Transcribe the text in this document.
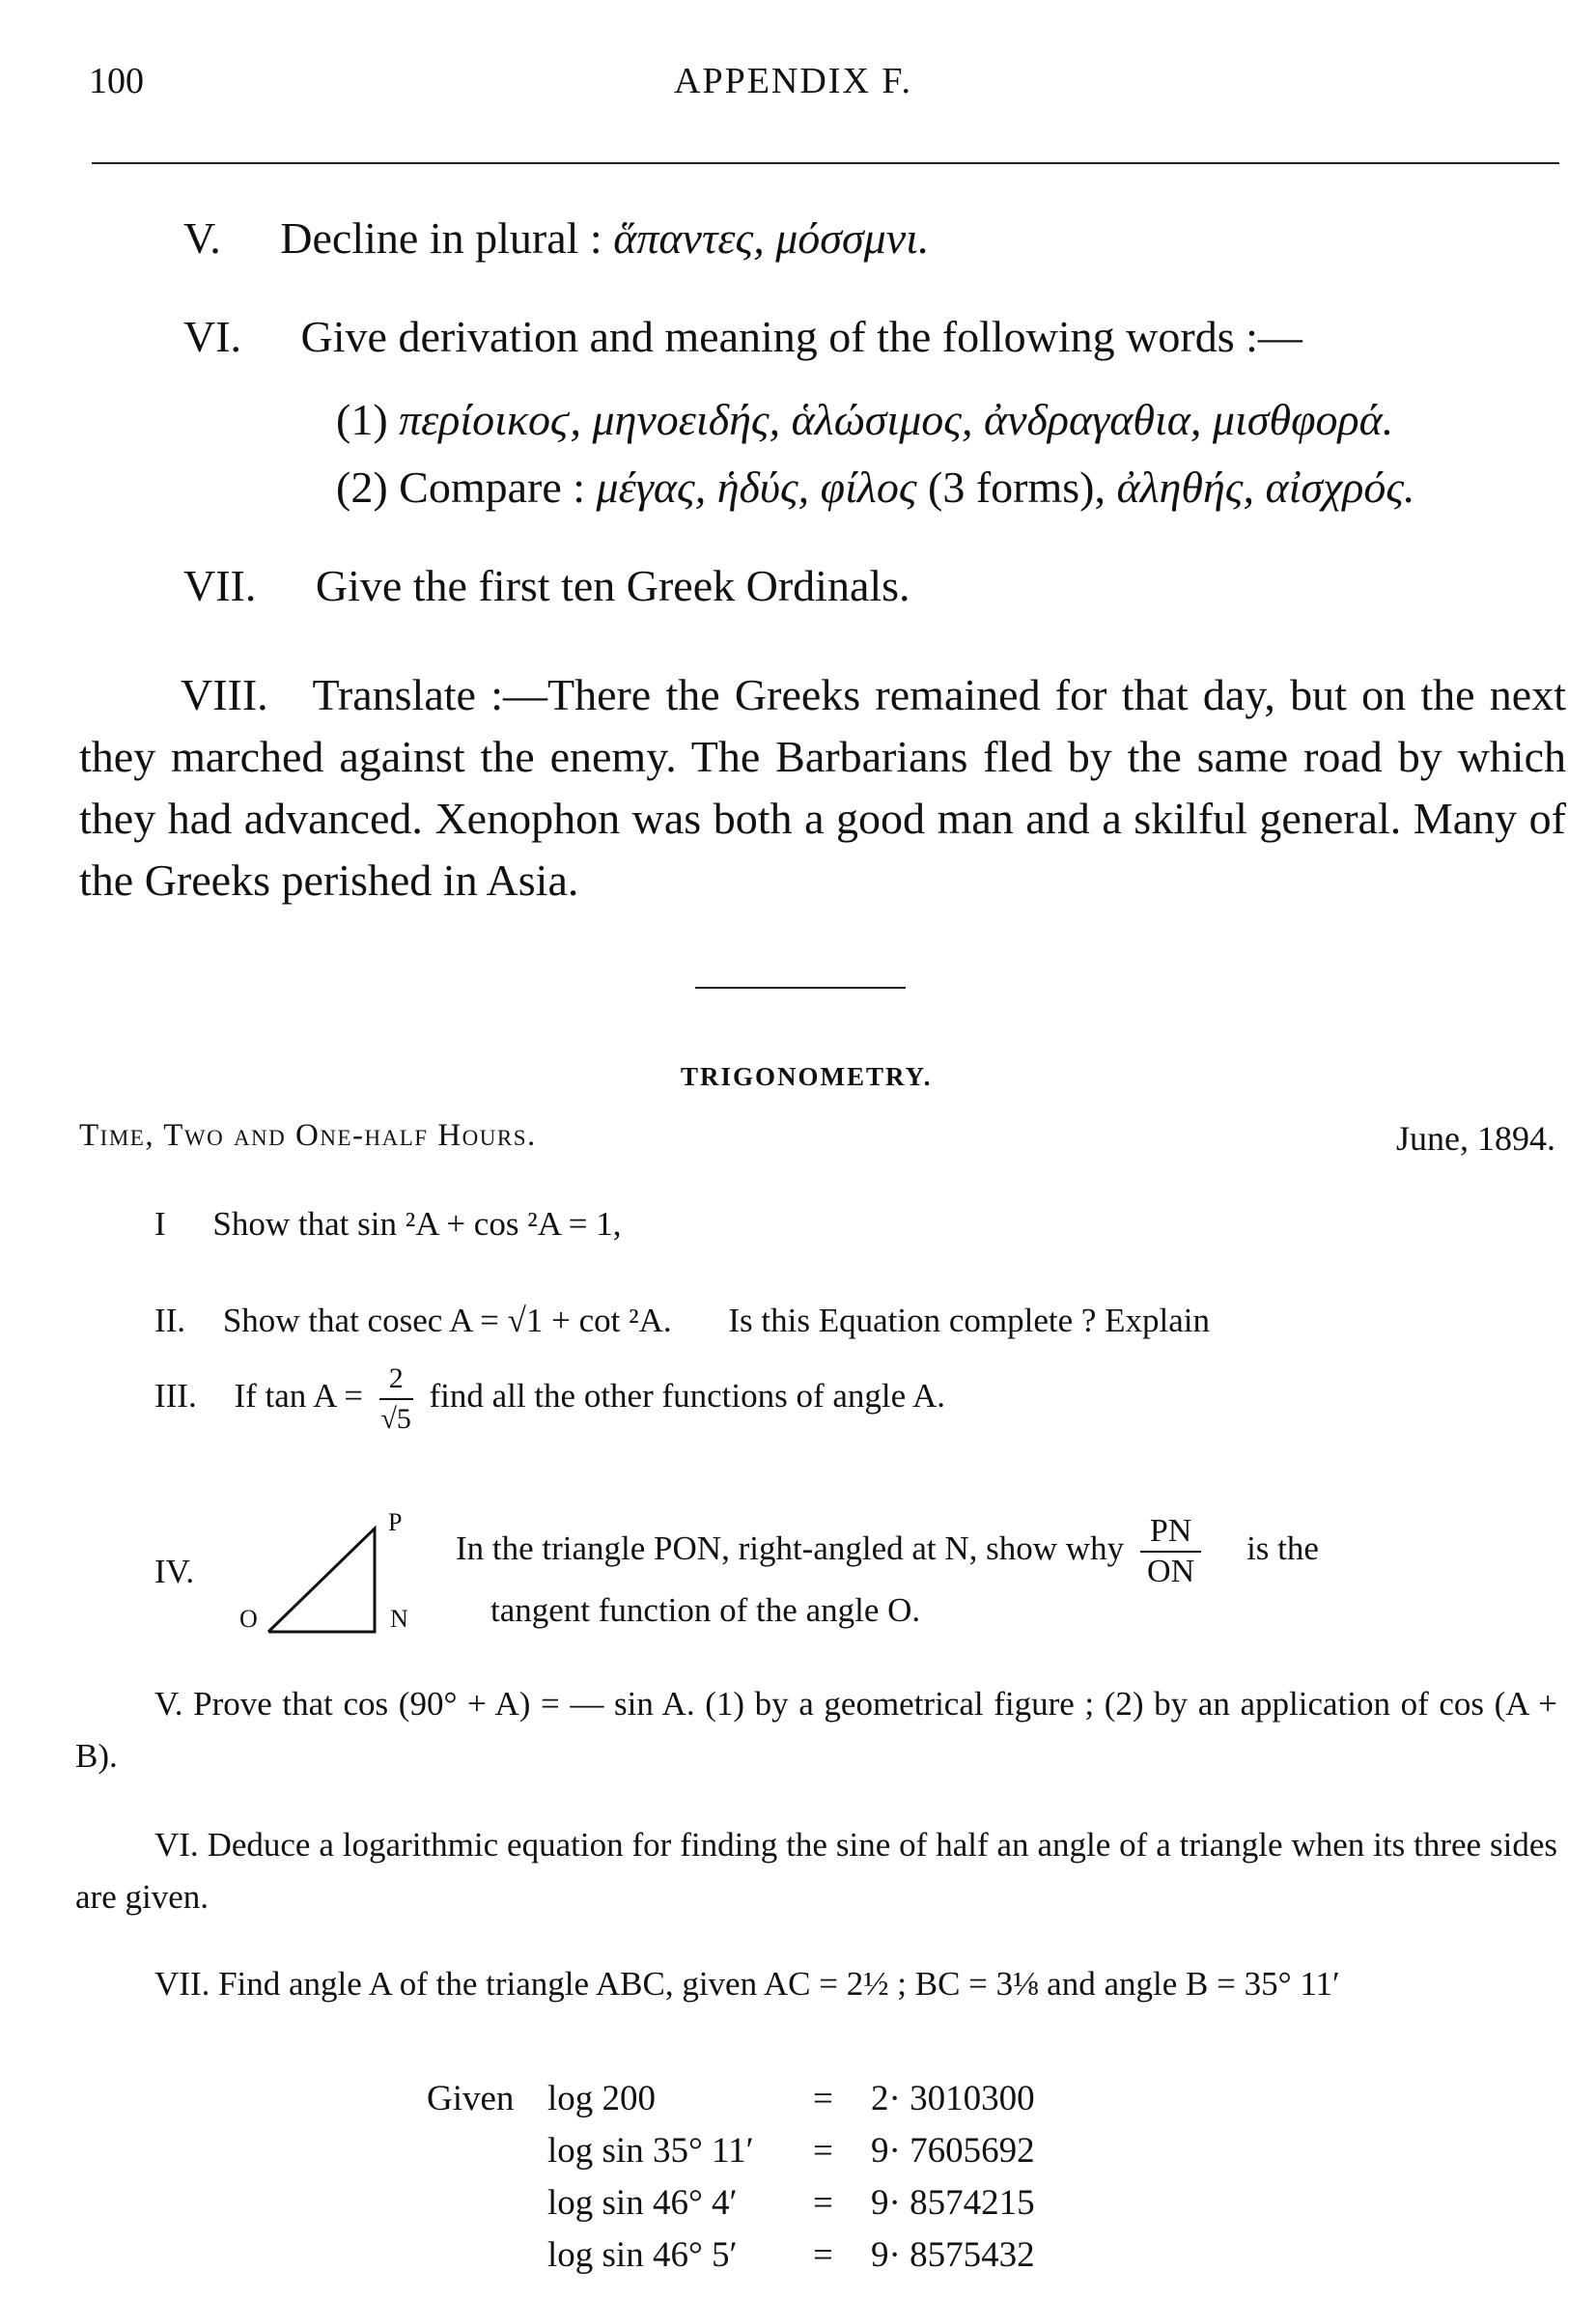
100	APPENDIX F.
V. Decline in plural : ἅπαντες, μόσσμνι.
VI. Give derivation and meaning of the following words :—
(1) περίοικοϛ, μηνοειδής, ἁλώσιμος, ἀνδραγαθια, μισθφορά.
(2) Compare : μέγας, ἡδύς, φίλος (3 forms), ἀληθής, αἰσχρός.
VII. Give the first ten Greek Ordinals.
VIII. Translate :—There the Greeks remained for that day, but on the next they marched against the enemy. The Barbarians fled by the same road by which they had advanced. Xenophon was both a good man and a skilful general. Many of the Greeks perished in Asia.
TRIGONOMETRY.
Time, Two and One-half Hours.	June, 1894.
I Show that sin ²A + cos ²A = 1,
II. Show that cosec A = √1 + cot ²A. Is this Equation complete ? Explain
III. If $\tan A = \frac{2}{√5}$ find all the other functions of angle A.
IV.
P
O	N
In the triangle PON, right-angled at N, show why $\frac{PN}{ON}$ is the
tangent function of the angle O.
V. Prove that cos (90° + A) = — sin A. (1) by a geometrical figure ; (2) by an application of cos (A + B).
VI. Deduce a logarithmic equation for finding the sine of half an angle of a triangle when its three sides are given.
VII. Find angle A of the triangle ABC, given AC = 2½ ; BC = 3⅛ and angle B = 35° 11′
Given log 200	= 2· 3010300
log sin 35° 11′ = 9· 7605692
log sin 46° 4′ = 9· 8574215
log sin 46° 5′ = 9· 8575432
